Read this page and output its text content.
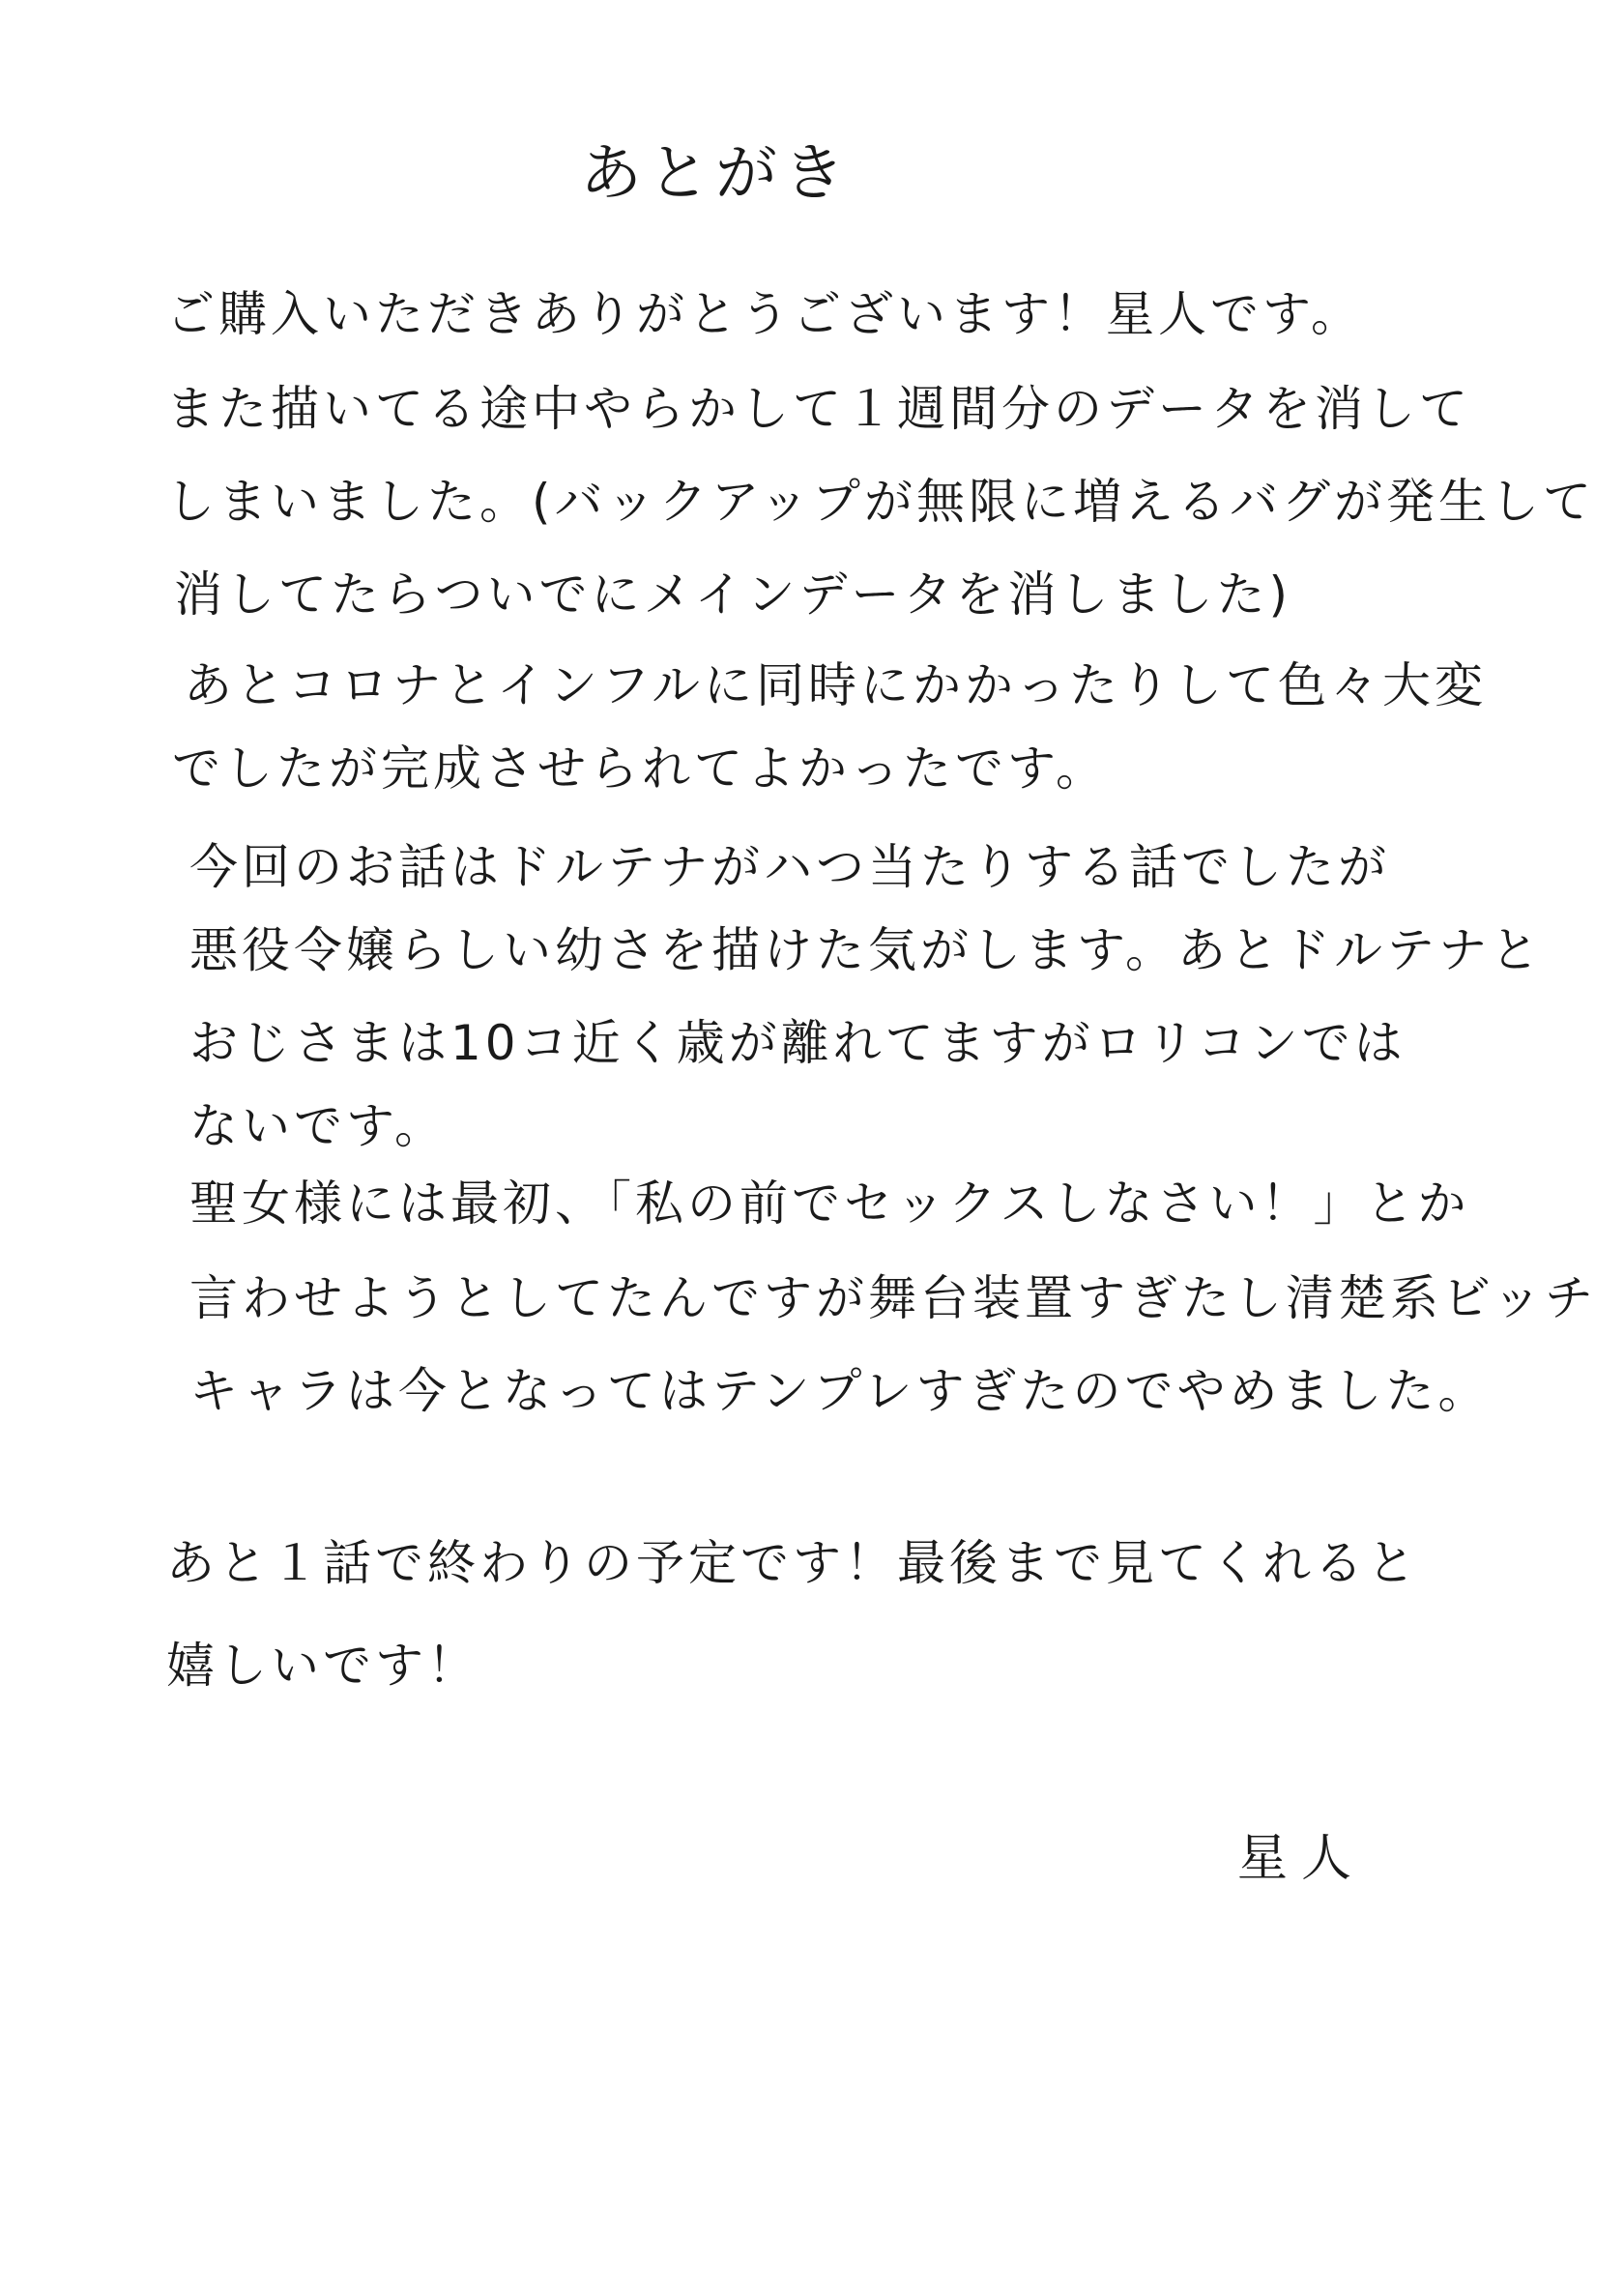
あとがき
ご購入いただきありがとうございます！星人です。
また描いてる途中やらかして１週間分のデータを消して
しまいました。(バックアップが無限に増えるバグが発生して
消してたらついでにメインデータを消しました)
あとコロナとインフルに同時にかかったりして色々大変
でしたが完成させられてよかったです。
今回のお話はドルテナがハつ当たりする話でしたが
悪役令嬢らしい幼さを描けた気がします。あとドルテナと
おじさまは10コ近く歳が離れてますがロリコンでは
ないです。
聖女様には最初、「私の前でセックスしなさい！」とか
言わせようとしてたんですが舞台装置すぎたし清楚系ビッチ
キャラは今となってはテンプレすぎたのでやめました。
あと１話で終わりの予定です！最後まで見てくれると
嬉しいです！
星人
